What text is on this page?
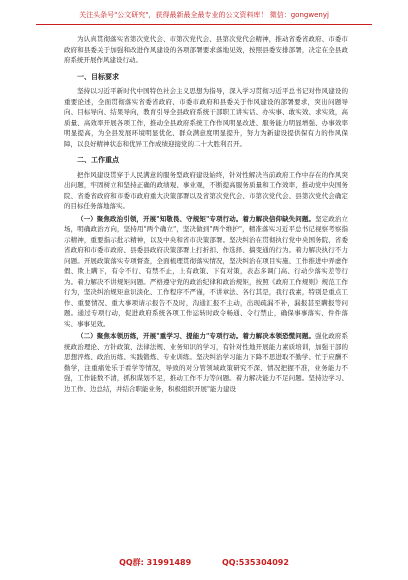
关注头条号"公文研究"，获得最新最全最专业的公文资料库！ 微信：gongwenyj

为认真贯彻落实省第次党代会、市第次党代会、县第次党代会精神，推动省委省政府、市委市政府和县委关于加强和改进作风建设的各项部署要求落地见效，按照县委安排部署，决定在全县政府系统开展作风建设行动。

一、目标要求

坚持以习近平新时代中国特色社会主义思想为指导，深入学习贯彻习近平总书记对作风建设的重要论述，全面贯彻落实省委省政府、市委市政府和县委关于作风建设的部署要求，突出问题导向、目标导向、结果导向，教育引导全县政府系统干部职工讲实话、办实事、敢实效、求实效，高质量、高效率开展各项工作，推动全县政府系统工作作风明显改进、服务能力明显增强、办事效率明显提高，为全县发展环境明显优化、群众满意度明显提升，努力为新建设提供保有力的作风保障，以良好精神状态和优异工作成绩迎接党的二十大胜利召开。

二、工作重点

把作风建设贯穿于人民满意的服务型政府建设始终，针对性解决当前政府工作中存在的作风突出问题，牢固树立和坚持正确的政绩观、事业观，不断提高服务质量和工作效率，推动党中央国务院、省委省政府和市委市政府重大决策部署以及省第次党代会、市第次党代会、县第次党代会确定的目标任务落地落实。

（一）聚焦政治引领，开展"知敬畏、守规矩"专项行动。着力解决信仰缺失问题。坚定政治立场，明确政治方向，坚持用"两个确立"，坚决做到"两个维护"，精准落实习近平总书记视察考察指示精神，重要指示批示精神，以及中央和省市决策部署。坚决纠治在贯彻执行党中央国务院、省委省政府和市委市政府、县委县政府决策部署上打折扣、作选择、搞变通的行为。着力解决执行不力问题。开展政策落实专项督查，全面梳理贯彻落实情况，坚决纠治在项目实施、工作推进中弄虚作假、欺上瞒下，有令不行、有禁不止，上有政策、下有对策，表态多调门高、行动少落实差等行为。着力解决不讲规矩问题。严格遵守党的政治纪律和政治规矩，按照《政府工作规则》规范工作行为，坚决纠治规矩意识淡化、工作程序不严谨，不讲章法、各行其是，我行我素，特别是重点工作、重要情况、重大事项请示报告不及时，沟通汇报不主动，出现疏漏不补，漏报甚至瞒报等问题。通过专项行动，促进政府系统各项工作运转时政令畅通、令行禁止，确保事事落实、件件落实、事事见效。

（二）聚焦本领历练，开展"重学习、提能力"专项行动。着力解决本领恐慌问题。强化政府系统政治理论、方针政策、法律法规、业务知识的学习，有针对性地开展能力素质培训，加强干部的思想淬炼、政治历练、实践锻炼、专业训练。坚决纠治学习能力下降不思进取不勤学、忙于应酬不勤学，注重痛处乐于看学等情况，导致的对分管领域政策研究不深、情况把握不准，业务能力不强，工作能数不清，抓积谋划不足，推动工作不力等问题。着力解决能力不足问题。坚持边学习、边工作、边总结，并结合职能业务，积极组织开展"能力建设

QQ群: 31991489	QQ:535304092
